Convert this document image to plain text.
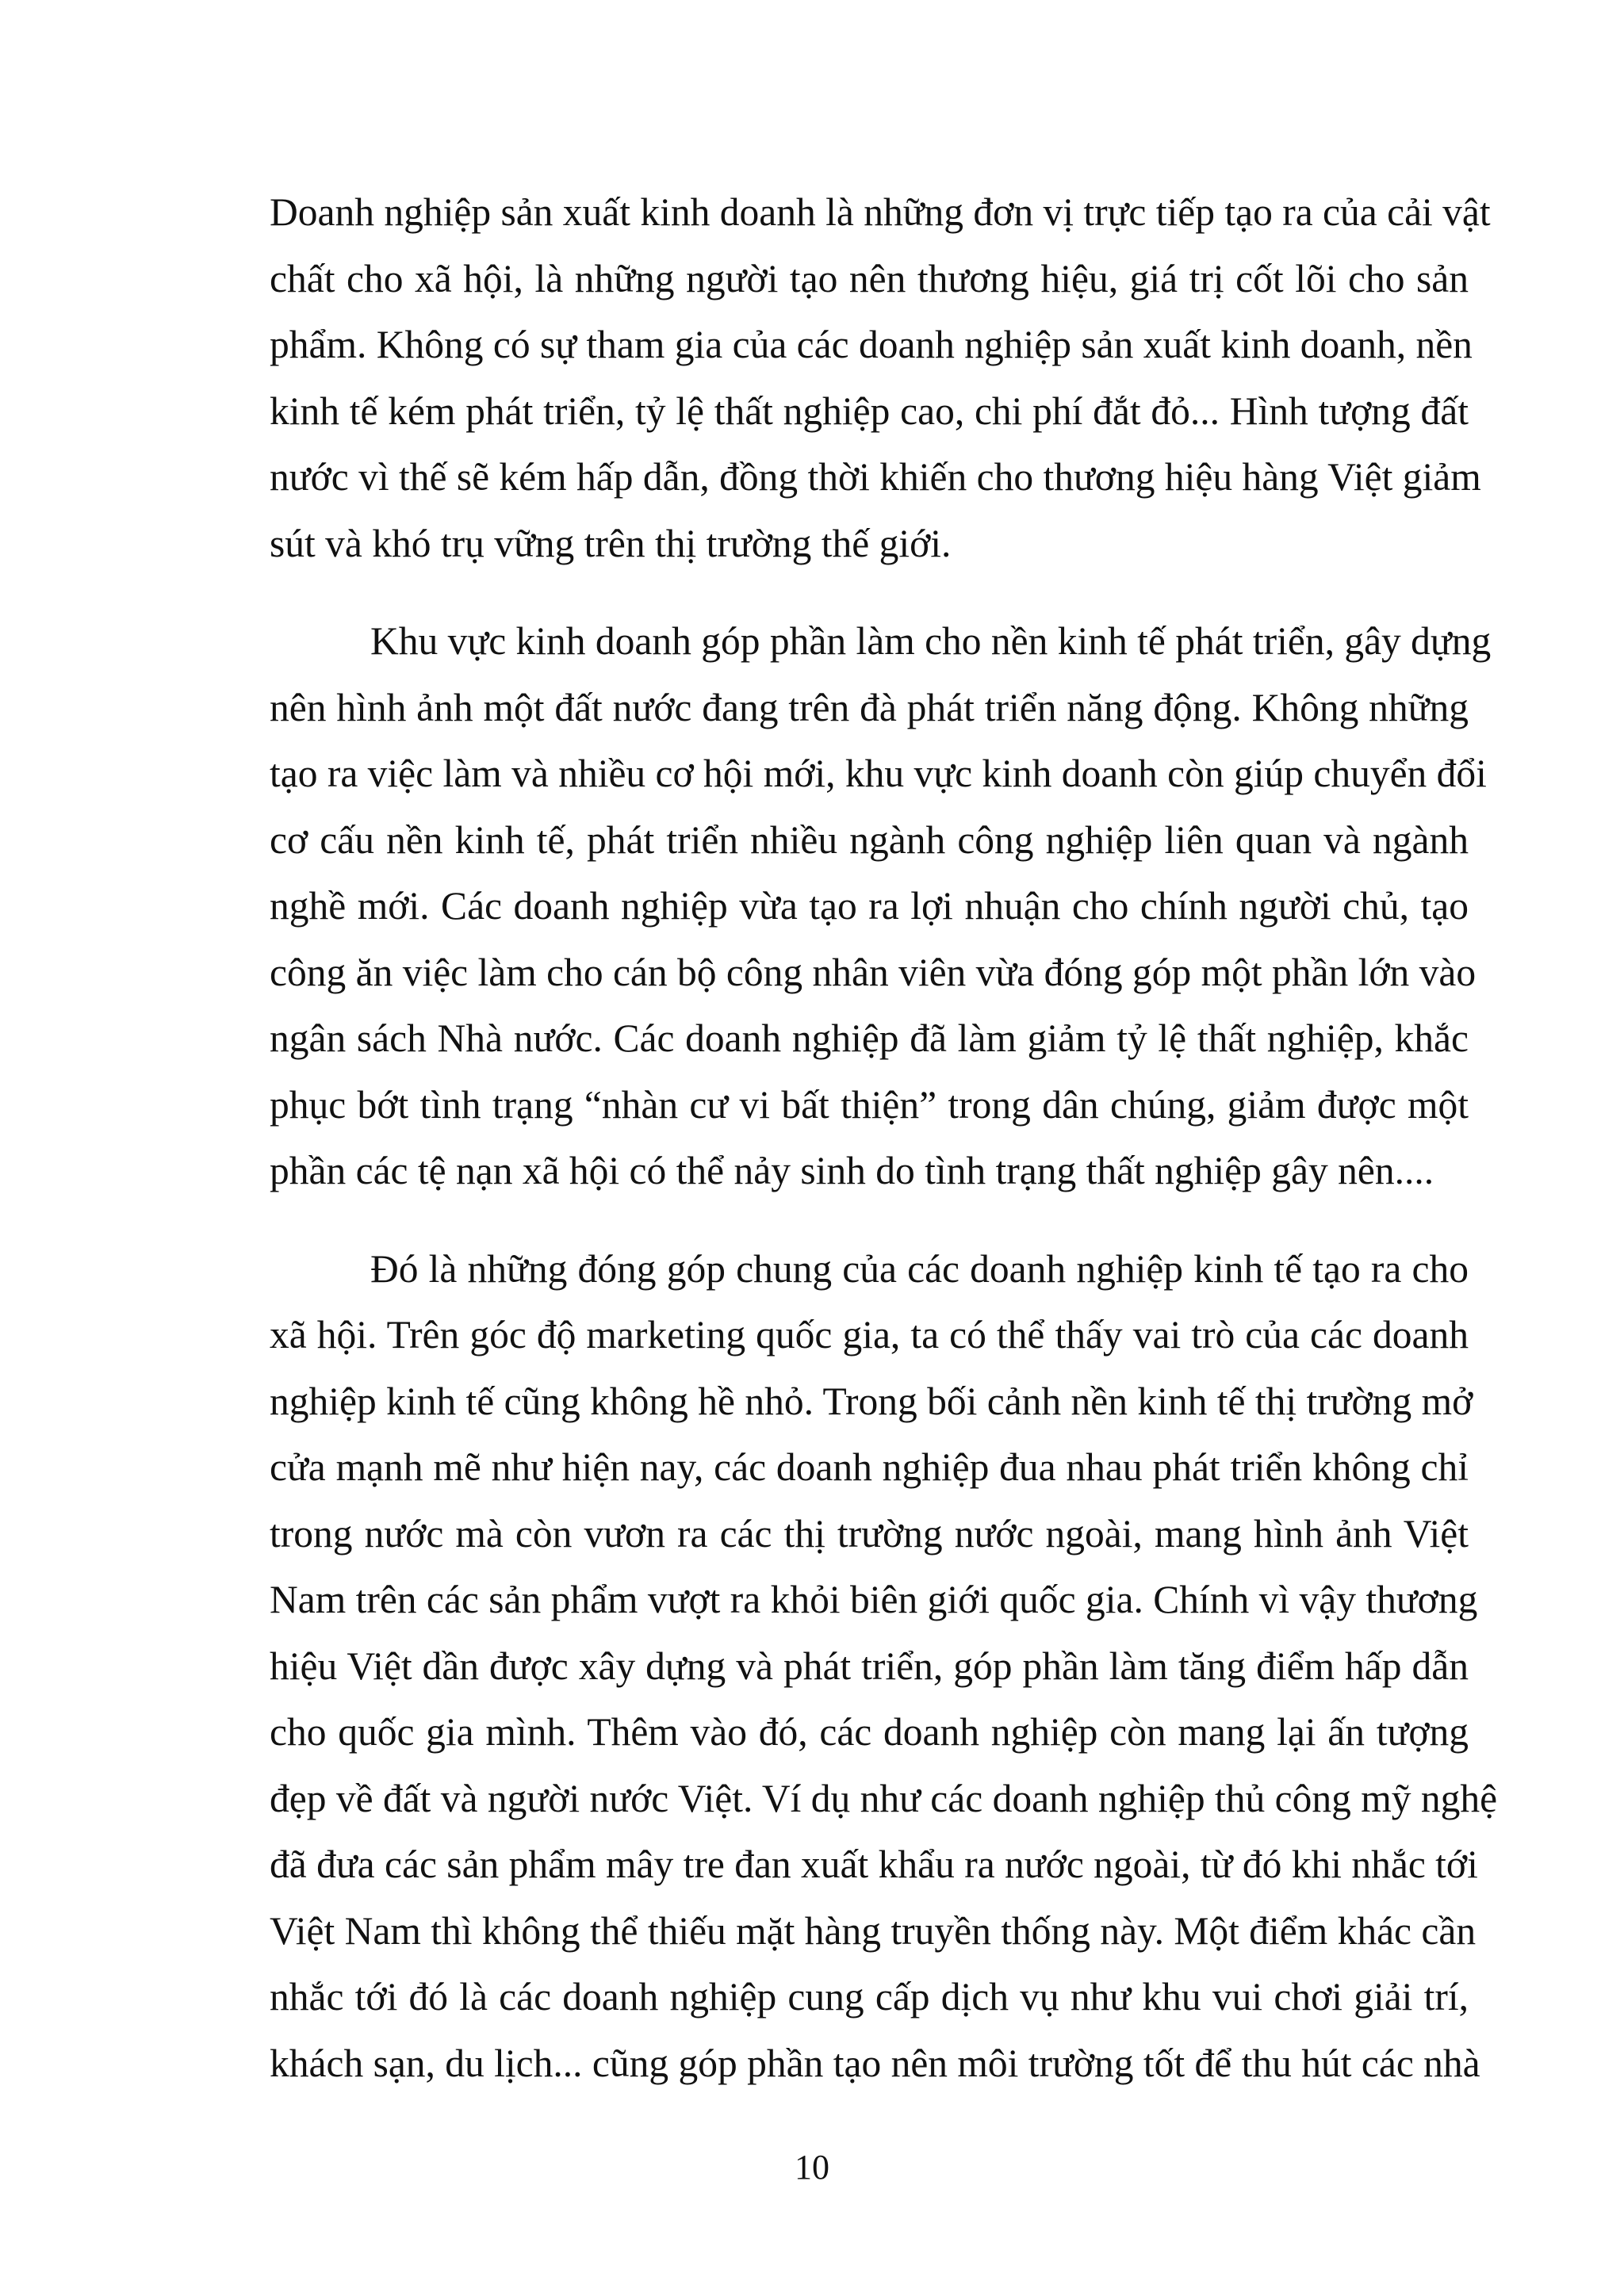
Doanh nghiệp sản xuất kinh doanh là những đơn vị trực tiếp tạo ra của cải vật
chất cho xã hội, là những người tạo nên thương hiệu, giá trị cốt lõi cho sản
phẩm. Không có sự tham gia của các doanh nghiệp sản xuất kinh doanh, nền
kinh tế kém phát triển, tỷ lệ thất nghiệp cao, chi phí đắt đỏ... Hình tượng đất
nước vì thế sẽ kém hấp dẫn, đồng thời khiến cho thương hiệu hàng Việt giảm
sút và khó trụ vững trên thị trường thế giới.
Khu vực kinh doanh góp phần làm cho nền kinh tế phát triển, gây dựng
nên hình ảnh một đất nước đang trên đà phát triển năng động. Không những
tạo ra việc làm và nhiều cơ hội mới, khu vực kinh doanh còn giúp chuyển đổi
cơ cấu nền kinh tế, phát triển nhiều ngành công nghiệp liên quan và ngành
nghề mới. Các doanh nghiệp vừa tạo ra lợi nhuận cho chính người chủ, tạo
công ăn việc làm cho cán bộ công nhân viên vừa đóng góp một phần lớn vào
ngân sách Nhà nước. Các doanh nghiệp đã làm giảm tỷ lệ thất nghiệp, khắc
phục bớt tình trạng “nhàn cư vi bất thiện” trong dân chúng, giảm được một
phần các tệ nạn xã hội có thể nảy sinh do tình trạng thất nghiệp gây nên....
Đó là những đóng góp chung của các doanh nghiệp kinh tế tạo ra cho
xã hội. Trên góc độ marketing quốc gia, ta có thể thấy vai trò của các doanh
nghiệp kinh tế cũng không hề nhỏ. Trong bối cảnh nền kinh tế thị trường mở
cửa mạnh mẽ như hiện nay, các doanh nghiệp đua nhau phát triển không chỉ
trong nước mà còn vươn ra các thị trường nước ngoài, mang hình ảnh Việt
Nam trên các sản phẩm vượt ra khỏi biên giới quốc gia. Chính vì vậy thương
hiệu Việt dần được xây dựng và phát triển, góp phần làm tăng điểm hấp dẫn
cho quốc gia mình. Thêm vào đó, các doanh nghiệp còn mang lại ấn tượng
đẹp về đất và người nước Việt. Ví dụ như các doanh nghiệp thủ công mỹ nghệ
đã đưa các sản phẩm mây tre đan xuất khẩu ra nước ngoài, từ đó khi nhắc tới
Việt Nam thì không thể thiếu mặt hàng truyền thống này. Một điểm khác cần
nhắc tới đó là các doanh nghiệp cung cấp dịch vụ như khu vui chơi giải trí,
khách sạn, du lịch... cũng góp phần tạo nên môi trường tốt để thu hút các nhà
10
